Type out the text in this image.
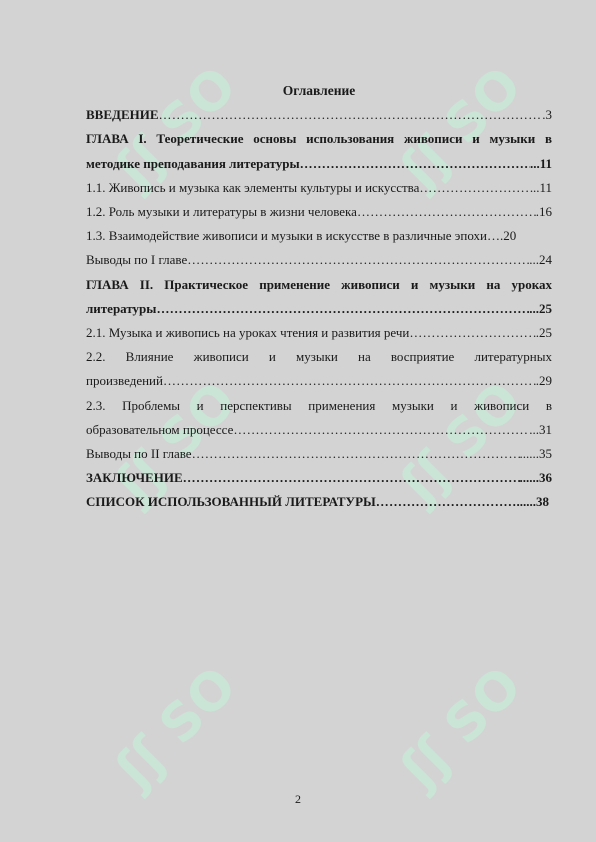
ʃʃ SOFF
ʃʃ SOFF
ʃʃ SOFF
ʃʃ SOFF
ʃʃ SOFF
ʃʃ SOFF
Оглавление
ВВЕДЕНИЕ ………………………………………………………………………………………………………………………………………………………	.3
ГЛАВА I. Теоретические основы использования живописи и музыки в
методике преподавания литературы ………………………………………………………………………………………………………………………………………………………	...11
1.1. Живопись и музыка как элементы культуры и искусства ………………………………………………………………………………………………………………………………………………………	..11
1.2. Роль музыки и литературы в жизни человека ………………………………………………………………………………………………………………………………………………………	.16
1.3. Взаимодействие живописи и музыки в искусстве в различные эпохи ….20
Выводы по I главе ………………………………………………………………………………………………………………………………………………………	...24
ГЛАВА II. Практическое применение живописи и музыки на уроках
литературы ………………………………………………………………………………………………………………………………………………………	...25
2.1. Музыка и живопись на уроках чтения и развития речи ………………………………………………………………………………………………………………………………………………………	.25
2.2. Влияние живописи и музыки на восприятие литературных
произведений ………………………………………………………………………………………………………………………………………………………	.29
2.3. Проблемы и перспективы применения музыки и живописи в
образовательном процессе ………………………………………………………………………………………………………………………………………………………	...31
Выводы по II главе ………………………………………………………………………………………………………………………………………………………	......35
ЗАКЛЮЧЕНИЕ ………………………………………………………………………………………………………………………………………………………	......36
СПИСОК ИСПОЛЬЗОВАННЫЙ ЛИТЕРАТУРЫ ………………………………………………………………………………………………………………………………………………………	......38
2
